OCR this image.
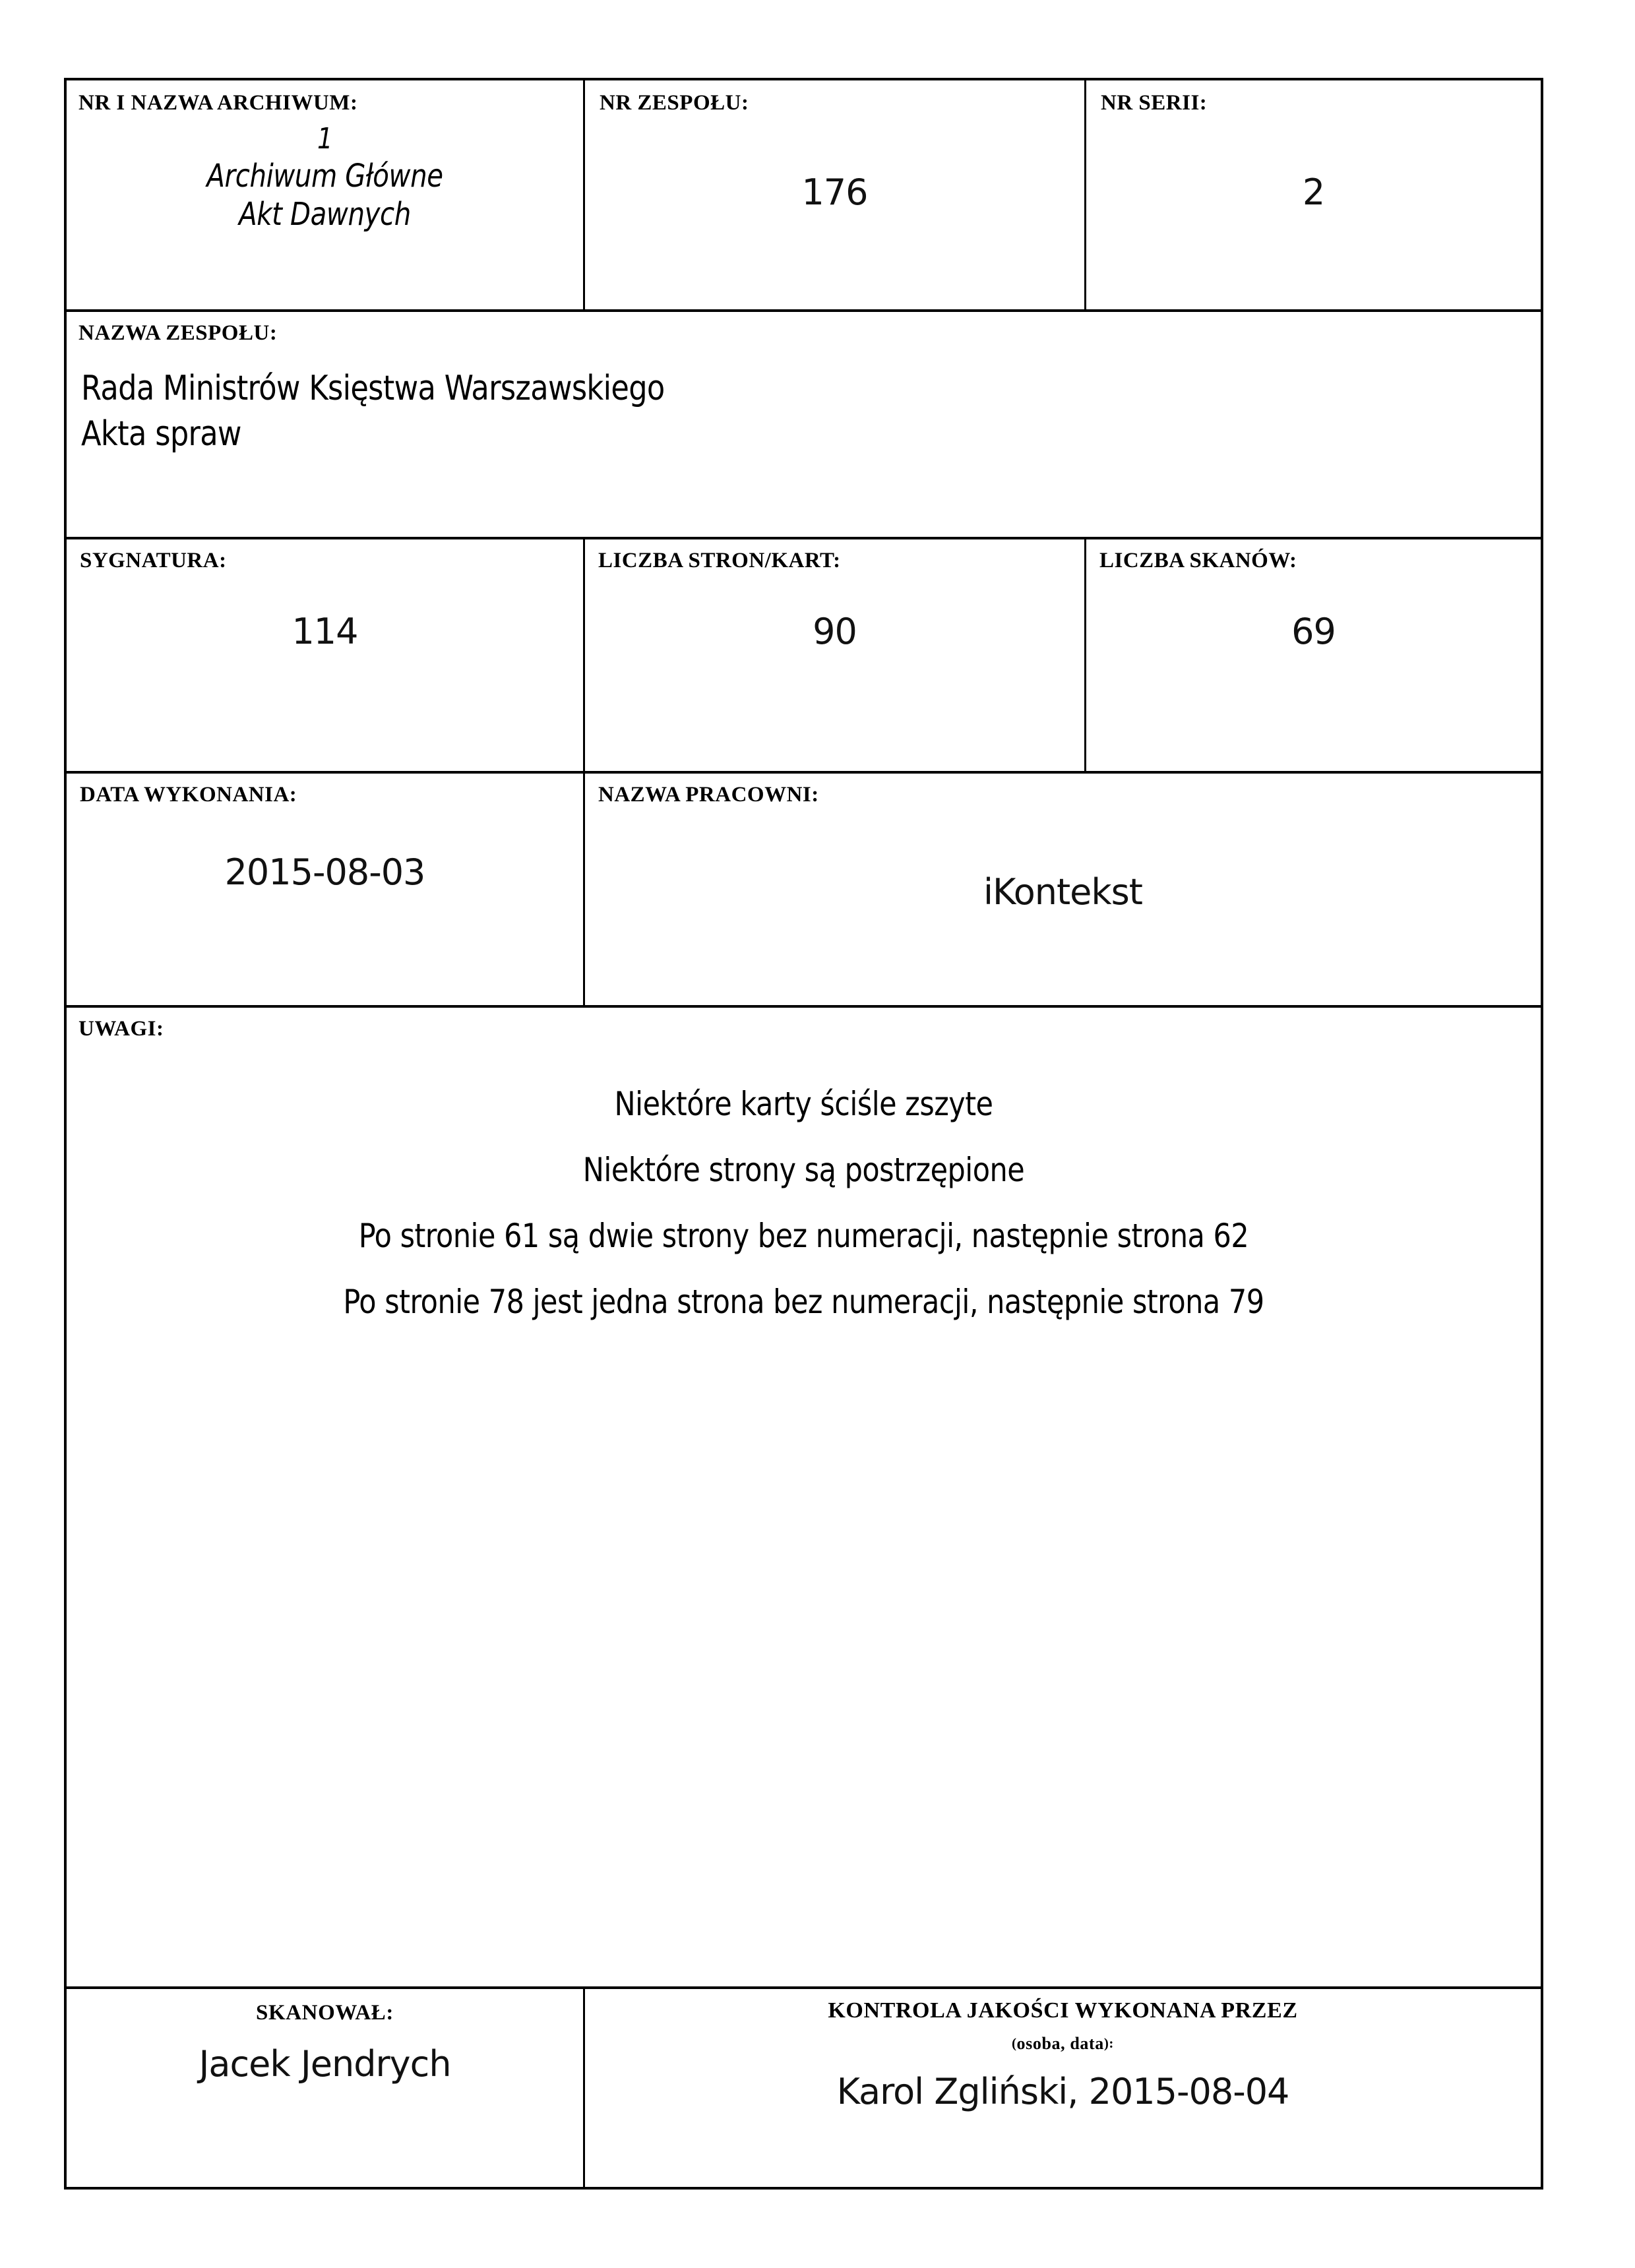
NR I NAZWA ARCHIWUM:
1
Archiwum Główne
Akt Dawnych
NR ZESPOŁU:
176
NR SERII:
2
NAZWA ZESPOŁU:
Rada Ministrów Księstwa Warszawskiego
Akta spraw
SYGNATURA:
114
LICZBA STRON/KART:
90
LICZBA SKANÓW:
69
DATA WYKONANIA:
2015-08-03
NAZWA PRACOWNI:
iKontekst
UWAGI:
Niektóre karty ściśle zszyte
Niektóre strony są postrzępione
Po stronie 61 są dwie strony bez numeracji, następnie strona 62
Po stronie 78 jest jedna strona bez numeracji, następnie strona 79
SKANOWAŁ:
Jacek Jendrych
KONTROLA JAKOŚCI WYKONANA PRZEZ
(osoba, data):
Karol Zgliński, 2015-08-04
